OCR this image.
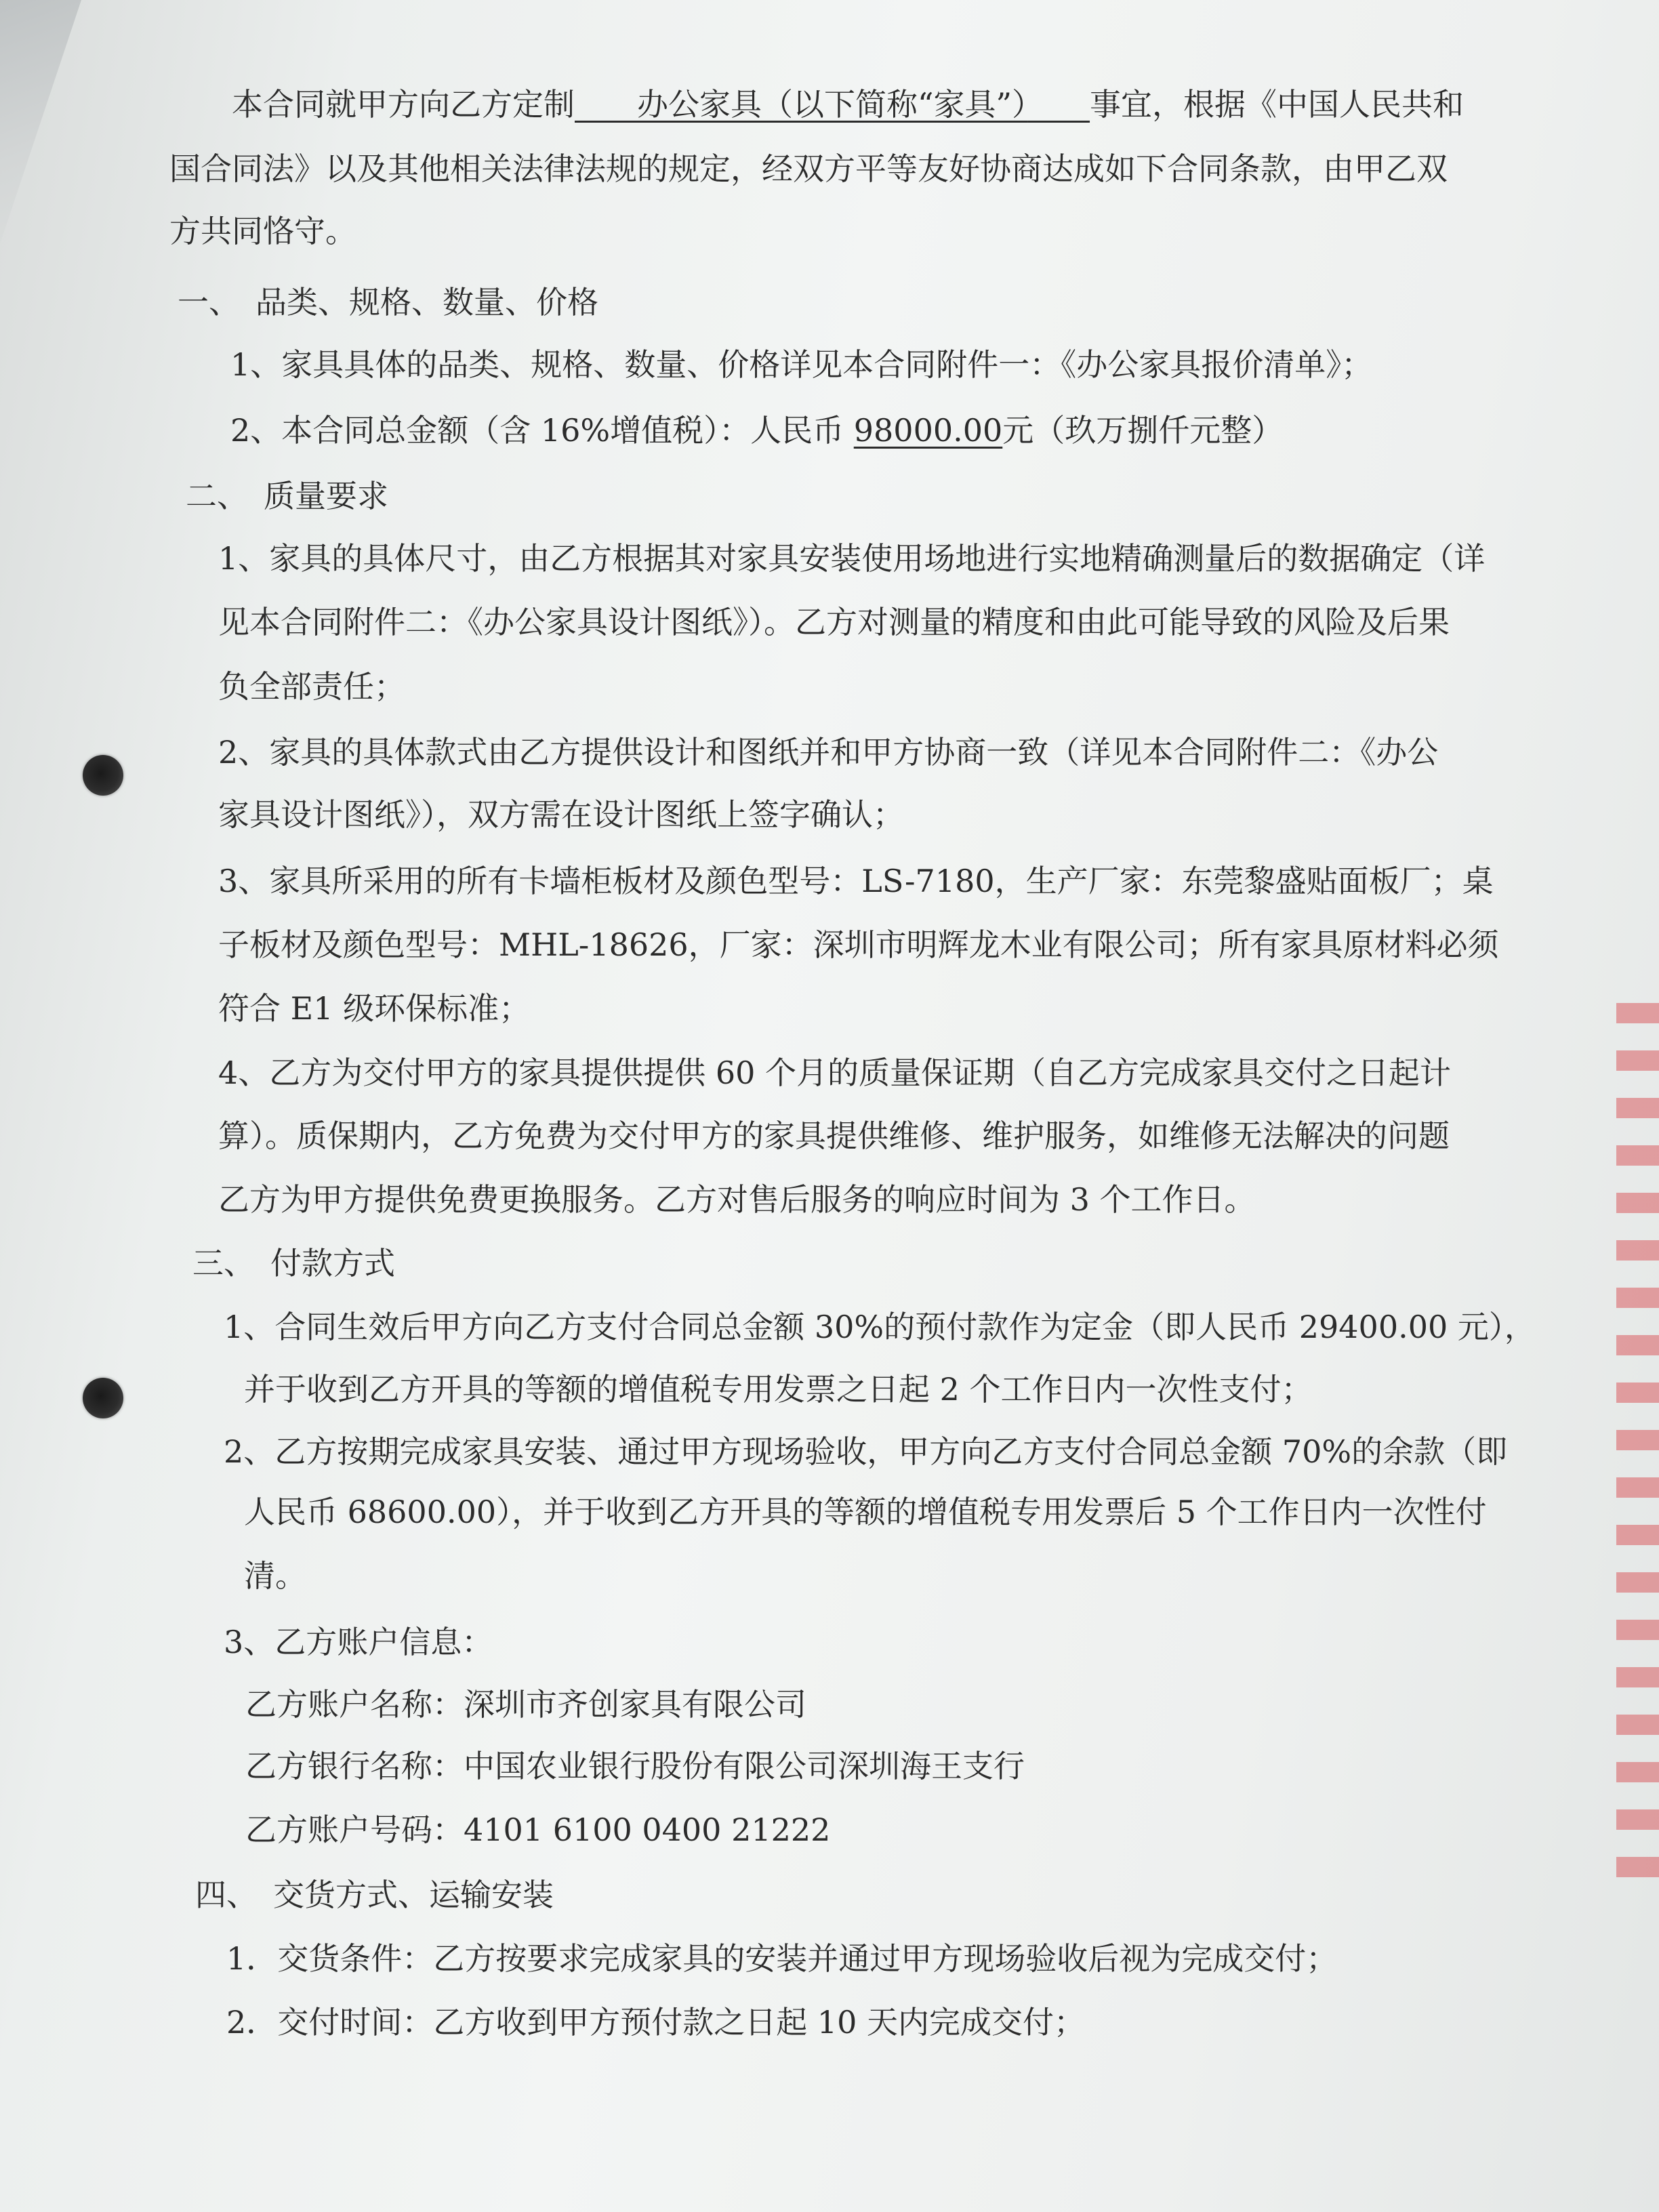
本合同就甲方向乙方定制　　 办公家具（以下简称“家具”）　　 事宜，根据《中国人民共和
国合同法》以及其他相关法律法规的规定，经双方平等友好协商达成如下合同条款，由甲乙双
方共同恪守。
一、　品类、规格、数量、价格
1、家具具体的品类、规格、数量、价格详见本合同附件一：《办公家具报价清单》；
2、本合同总金额（含 16%增值税）：人民币 98000.00元（玖万捌仟元整）
二、　质量要求
1、家具的具体尺寸，由乙方根据其对家具安装使用场地进行实地精确测量后的数据确定（详
见本合同附件二：《办公家具设计图纸》）。乙方对测量的精度和由此可能导致的风险及后果
负全部责任；
2、家具的具体款式由乙方提供设计和图纸并和甲方协商一致（详见本合同附件二：《办公
家具设计图纸》），双方需在设计图纸上签字确认；
3、家具所采用的所有卡墙柜板材及颜色型号：LS-7180，生产厂家：东莞黎盛贴面板厂；桌
子板材及颜色型号：MHL-18626，厂家：深圳市明辉龙木业有限公司；所有家具原材料必须
符合 E1 级环保标准；
4、乙方为交付甲方的家具提供提供 60 个月的质量保证期（自乙方完成家具交付之日起计
算）。质保期内，乙方免费为交付甲方的家具提供维修、维护服务，如维修无法解决的问题
乙方为甲方提供免费更换服务。乙方对售后服务的响应时间为 3 个工作日。
三、　付款方式
1、合同生效后甲方向乙方支付合同总金额 30%的预付款作为定金（即人民币 29400.00 元），
并于收到乙方开具的等额的增值税专用发票之日起 2 个工作日内一次性支付；
2、乙方按期完成家具安装、通过甲方现场验收，甲方向乙方支付合同总金额 70%的余款（即
人民币 68600.00），并于收到乙方开具的等额的增值税专用发票后 5 个工作日内一次性付
清。
3、乙方账户信息：
乙方账户名称：深圳市齐创家具有限公司
乙方银行名称：中国农业银行股份有限公司深圳海王支行
乙方账户号码：4101 6100 0400 21222
四、　交货方式、运输安装
1．交货条件：乙方按要求完成家具的安装并通过甲方现场验收后视为完成交付；
2．交付时间：乙方收到甲方预付款之日起 10 天内完成交付；
